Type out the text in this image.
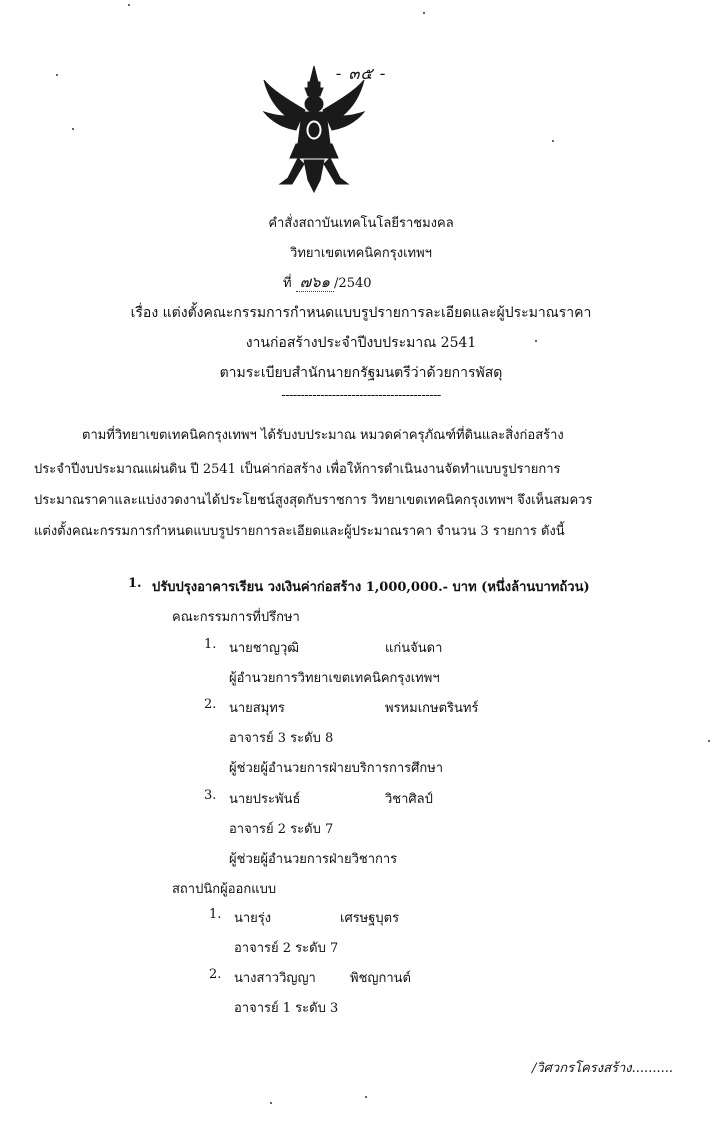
- ๓๕ -
คำสั่งสถาบันเทคโนโลยีราชมงคล
วิทยาเขตเทคนิคกรุงเทพฯ
ที่ ๗๖๑ /2540
เรื่อง แต่งตั้งคณะกรรมการกำหนดแบบรูปรายการละเอียดและผู้ประมาณราคา
งานก่อสร้างประจำปีงบประมาณ 2541
ตามระเบียบสำนักนายกรัฐมนตรีว่าด้วยการพัสดุ
-----------------------------------------
ตามที่วิทยาเขตเทคนิคกรุงเทพฯ ได้รับงบประมาณ หมวดค่าครุภัณฑ์ที่ดินและสิ่งก่อสร้าง
ประจำปีงบประมาณแผ่นดิน ปี 2541 เป็นค่าก่อสร้าง เพื่อให้การดำเนินงานจัดทำแบบรูปรายการ
ประมาณราคาและแบ่งงวดงานได้ประโยชน์สูงสุดกับราชการ วิทยาเขตเทคนิคกรุงเทพฯ จึงเห็นสมควร
แต่งตั้งคณะกรรมการกำหนดแบบรูปรายการละเอียดและผู้ประมาณราคา จำนวน 3 รายการ ดังนี้
1. ปรับปรุงอาคารเรียน วงเงินค่าก่อสร้าง 1,000,000.- บาท (หนึ่งล้านบาทถ้วน)
คณะกรรมการที่ปรึกษา
1. นายชาญวุฒิ	แก่นจันดา
ผู้อำนวยการวิทยาเขตเทคนิคกรุงเทพฯ
2. นายสมุทร	พรหมเกษตรินทร์
อาจารย์ 3 ระดับ 8
ผู้ช่วยผู้อำนวยการฝ่ายบริการการศึกษา
3. นายประพันธ์	วิชาศิลป์
อาจารย์ 2 ระดับ 7
ผู้ช่วยผู้อำนวยการฝ่ายวิชาการ
สถาปนิกผู้ออกแบบ
1. นายรุ่ง	เศรษฐบุตร
อาจารย์ 2 ระดับ 7
2. นางสาววิญญา	พิชญกานต์
อาจารย์ 1 ระดับ 3
/วิศวกรโครงสร้าง..........
